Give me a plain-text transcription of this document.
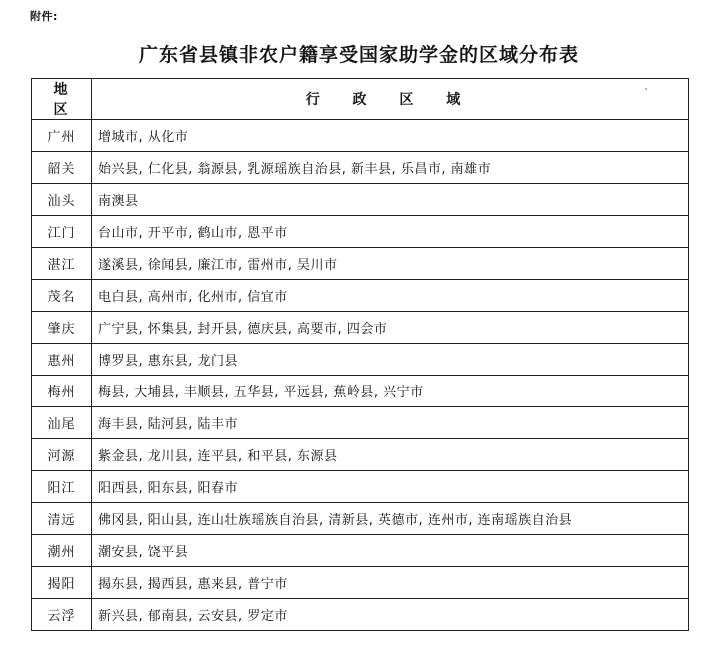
附件:
广东省县镇非农户籍享受国家助学金的区域分布表
地 区	行 政 区 域
广州	增城市, 从化市
韶关	始兴县, 仁化县, 翁源县, 乳源瑶族自治县, 新丰县, 乐昌市, 南雄市
汕头	南澳县
江门	台山市, 开平市, 鹤山市, 恩平市
湛江	遂溪县, 徐闻县, 廉江市, 雷州市, 吴川市
茂名	电白县, 高州市, 化州市, 信宜市
肇庆	广宁县, 怀集县, 封开县, 德庆县, 高要市, 四会市
惠州	博罗县, 惠东县, 龙门县
梅州	梅县, 大埔县, 丰顺县, 五华县, 平远县, 蕉岭县, 兴宁市
汕尾	海丰县, 陆河县, 陆丰市
河源	紫金县, 龙川县, 连平县, 和平县, 东源县
阳江	阳西县, 阳东县, 阳春市
清远	佛冈县, 阳山县, 连山壮族瑶族自治县, 清新县, 英德市, 连州市, 连南瑶族自治县
潮州	潮安县, 饶平县
揭阳	揭东县, 揭西县, 惠来县, 普宁市
云浮	新兴县, 郁南县, 云安县, 罗定市
